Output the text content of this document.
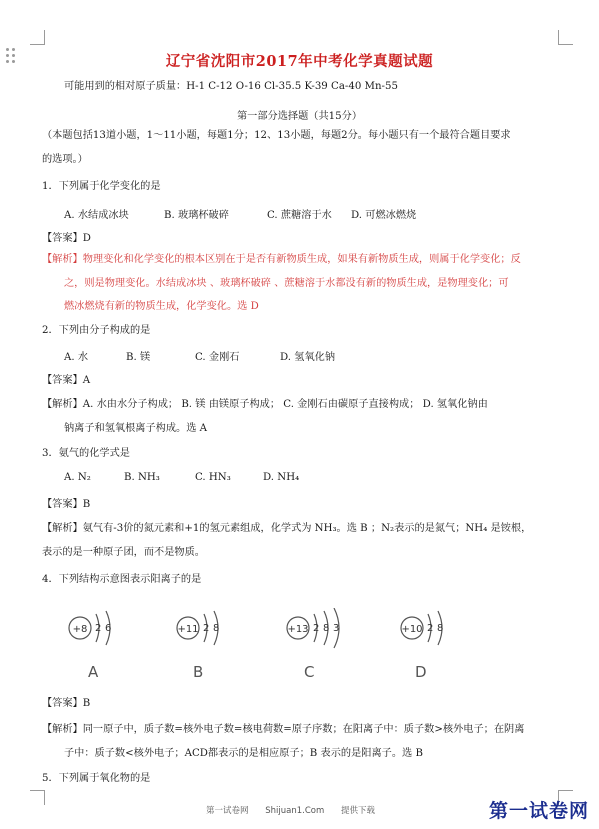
辽宁省沈阳市2017年中考化学真题试题
可能用到的相对原子质量：H-1 C-12 O-16 Cl-35.5 K-39 Ca-40 Mn-55
第一部分选择题（共15分）
（本题包括13道小题，1～11小题，每题1分；12、13小题，每题2分。每小题只有一个最符合题目要求
的选项。）
1．下列属于化学变化的是
A. 水结成冰块	B. 玻璃杯破碎	C. 蔗糖溶于水 D. 可燃冰燃烧
【答案】D
【解析】物理变化和化学变化的根本区别在于是否有新物质生成，如果有新物质生成，则属于化学变化；反
之，则是物理变化。水结成冰块 、玻璃杯破碎 、蔗糖溶于水都没有新的物质生成，是物理变化；可
燃冰燃烧有新的物质生成，化学变化。选 D
2．下列由分子构成的是
A. 水	B. 镁	C. 金刚石	D. 氢氧化钠
【答案】A
【解析】A. 水由水分子构成； B. 镁 由镁原子构成； C. 金刚石由碳原子直接构成； D. 氢氧化钠由
钠离子和氢氧根离子构成。选 A
3．氨气的化学式是
A. N₂	B. NH₃	C. HN₃	D. NH₄
【答案】B
【解析】氨气有-3价的氮元素和+1的氢元素组成，化学式为 NH₃。选 B ；N₂表示的是氮气；NH₄ 是铵根，
表示的是一种原子团，而不是物质。
4．下列结构示意图表示阳离子的是
+8 2 6
A
+11 2 8
B
+13 2 8 3
C
+10 2 8
D
【答案】B
【解析】同一原子中，质子数=核外电子数=核电荷数=原子序数；在阳离子中：质子数>核外电子；在阴离
子中：质子数<核外电子；ACD都表示的是相应原子；B 表示的是阳离子。选 B
5．下列属于氧化物的是
第一试卷网 Shijuan1.Com 提供下载	第一试卷网
